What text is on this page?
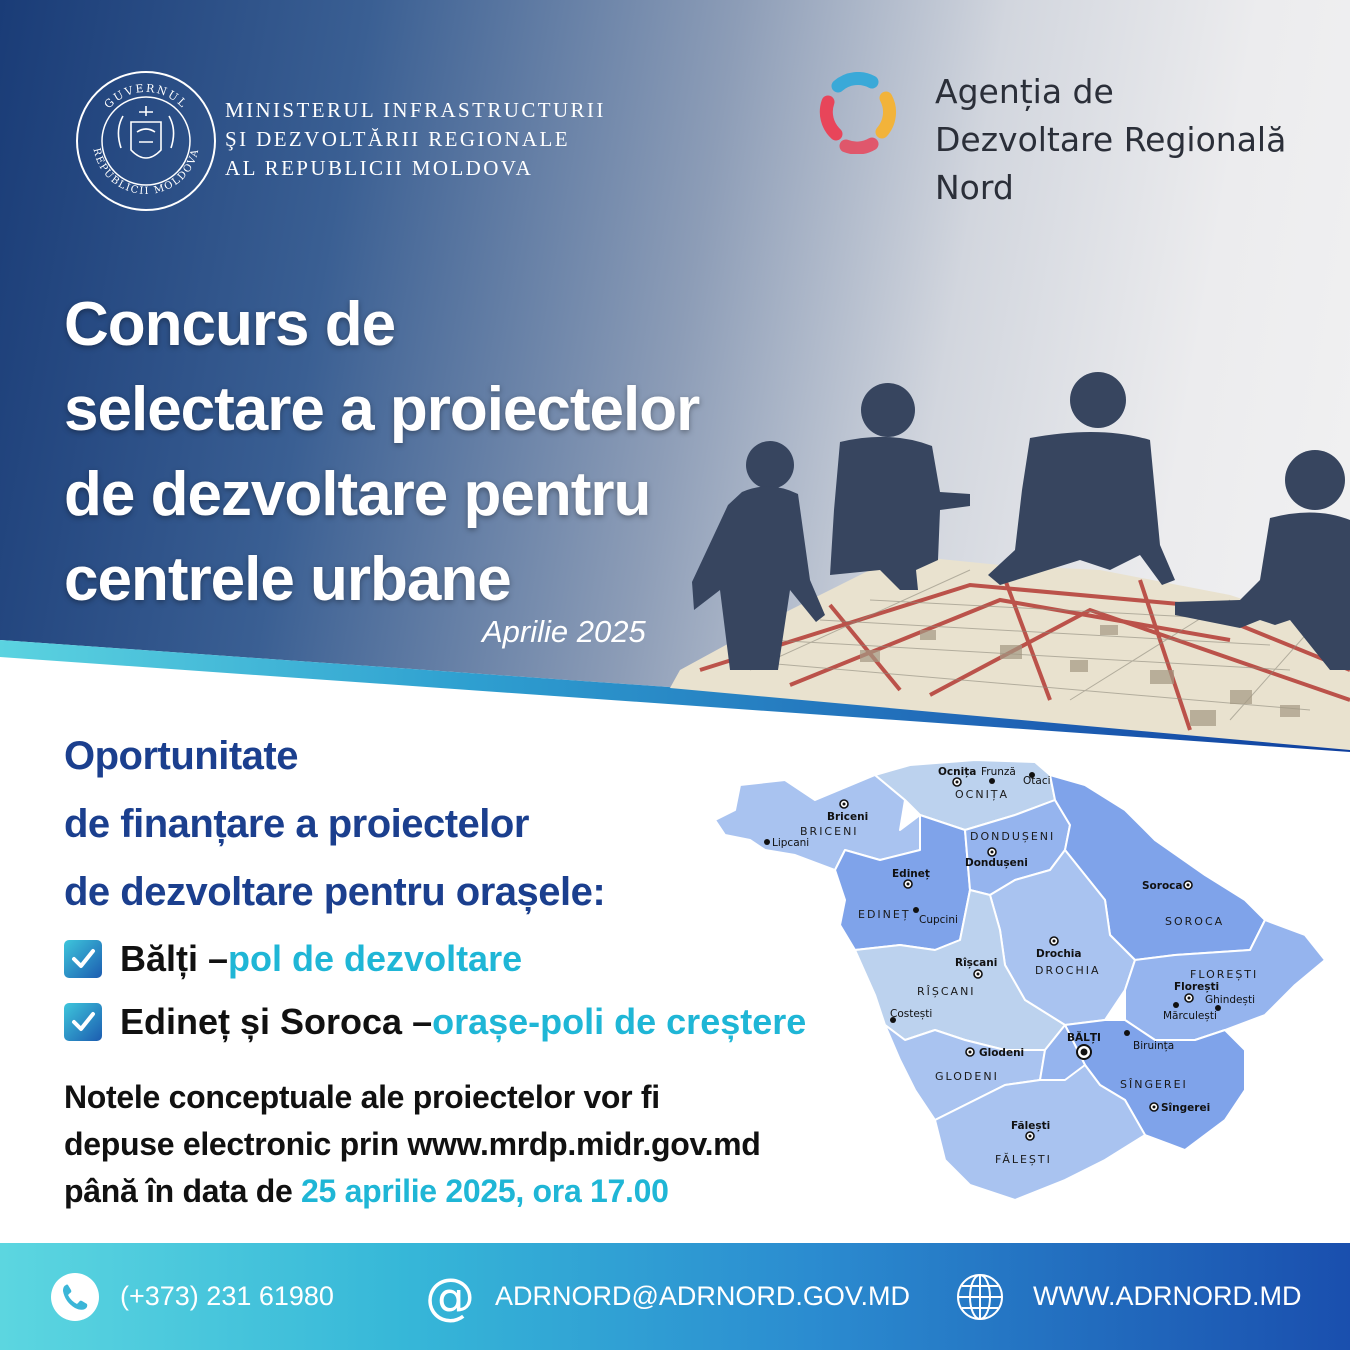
GUVERNUL
REPUBLICII MOLDOVA
MINISTERUL INFRASTRUCTURII
ŞI DEZVOLTĂRII REGIONALE
AL REPUBLICII MOLDOVA
Agenția de
Dezvoltare Regională
Nord
Concurs de
selectare a proiectelor
de dezvoltare pentru
centrele urbane
Aprilie 2025
Oportunitate
de finanțare a proiectelor
de dezvoltare pentru orașele:
Bălți – pol de dezvoltare
Edineț și Soroca – orașe-poli de creștere
Notele conceptuale ale proiectelor vor fi
depuse electronic prin www.mrdp.midr.gov.md
până în data de 25 aprilie 2025, ora 17.00
OCNIȚA
BRICENI	DONDUȘENI
EDINEȚ
SOROCA
DROCHIA	FLOREȘTI
RÎȘCANI
GLODENI
SÎNGEREI
FĂLEȘTI
Ocnița Frunză
Otaci
Briceni
Lipcani
Dondușeni
Edineț
Cupcini
Soroca
Drochia
Rîșcani
Florești
Ghindești
Mărculești
Costești
BĂLȚI
Biruința
Glodeni
Sîngerei
Fălești
(+373) 231 61980 @ ADRNORD@ADRNORD.GOV.MD	WWW.ADRNORD.MD
